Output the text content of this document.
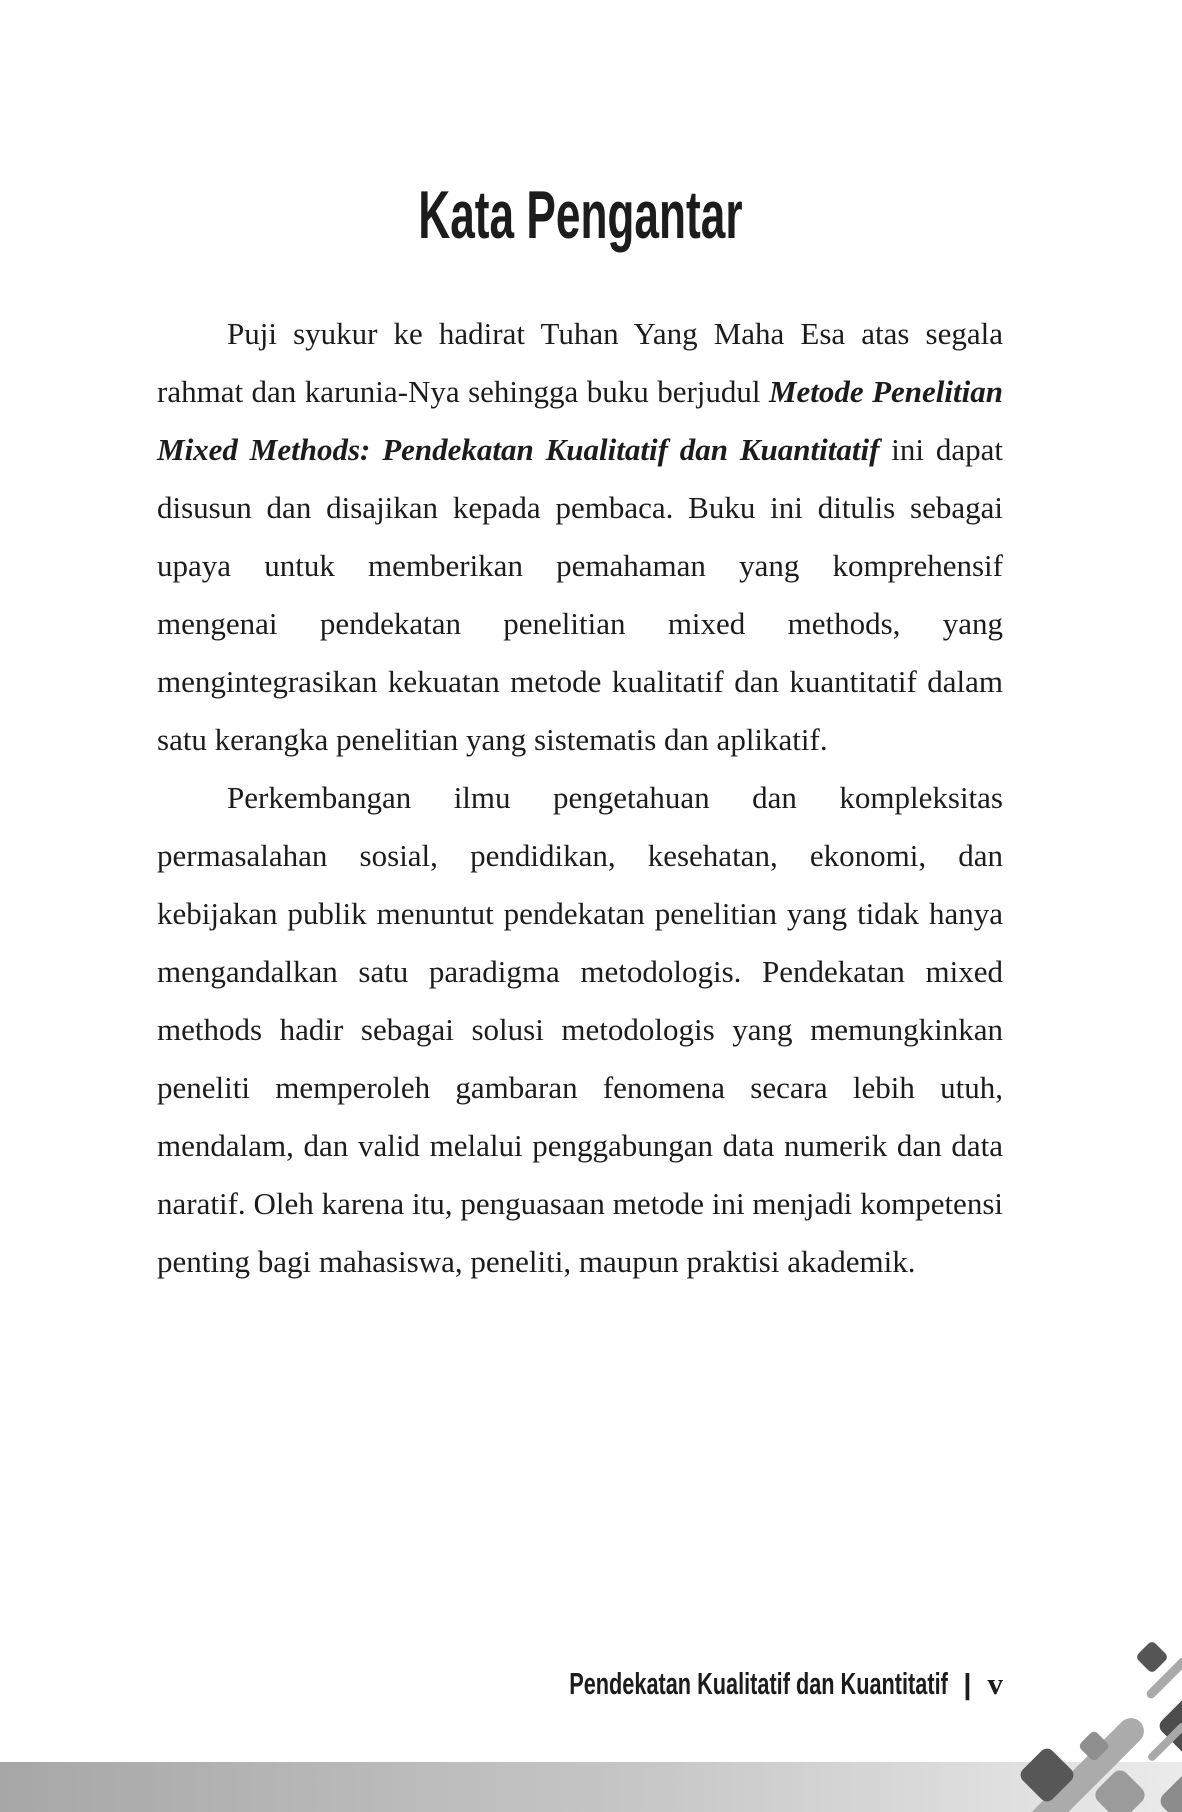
Kata Pengantar

Puji syukur ke hadirat Tuhan Yang Maha Esa atas segala rahmat dan karunia-Nya sehingga buku berjudul Metode Penelitian Mixed Methods: Pendekatan Kualitatif dan Kuantitatif ini dapat disusun dan disajikan kepada pembaca. Buku ini ditulis sebagai upaya untuk memberikan pemahaman yang komprehensif mengenai pendekatan penelitian mixed methods, yang mengintegrasikan kekuatan metode kualitatif dan kuantitatif dalam satu kerangka penelitian yang sistematis dan aplikatif.

Perkembangan ilmu pengetahuan dan kompleksitas permasalahan sosial, pendidikan, kesehatan, ekonomi, dan kebijakan publik menuntut pendekatan penelitian yang tidak hanya mengandalkan satu paradigma metodologis. Pendekatan mixed methods hadir sebagai solusi metodologis yang memungkinkan peneliti memperoleh gambaran fenomena secara lebih utuh, mendalam, dan valid melalui penggabungan data numerik dan data naratif. Oleh karena itu, penguasaan metode ini menjadi kompetensi penting bagi mahasiswa, peneliti, maupun praktisi akademik.

Pendekatan Kualitatif dan Kuantitatif | v
